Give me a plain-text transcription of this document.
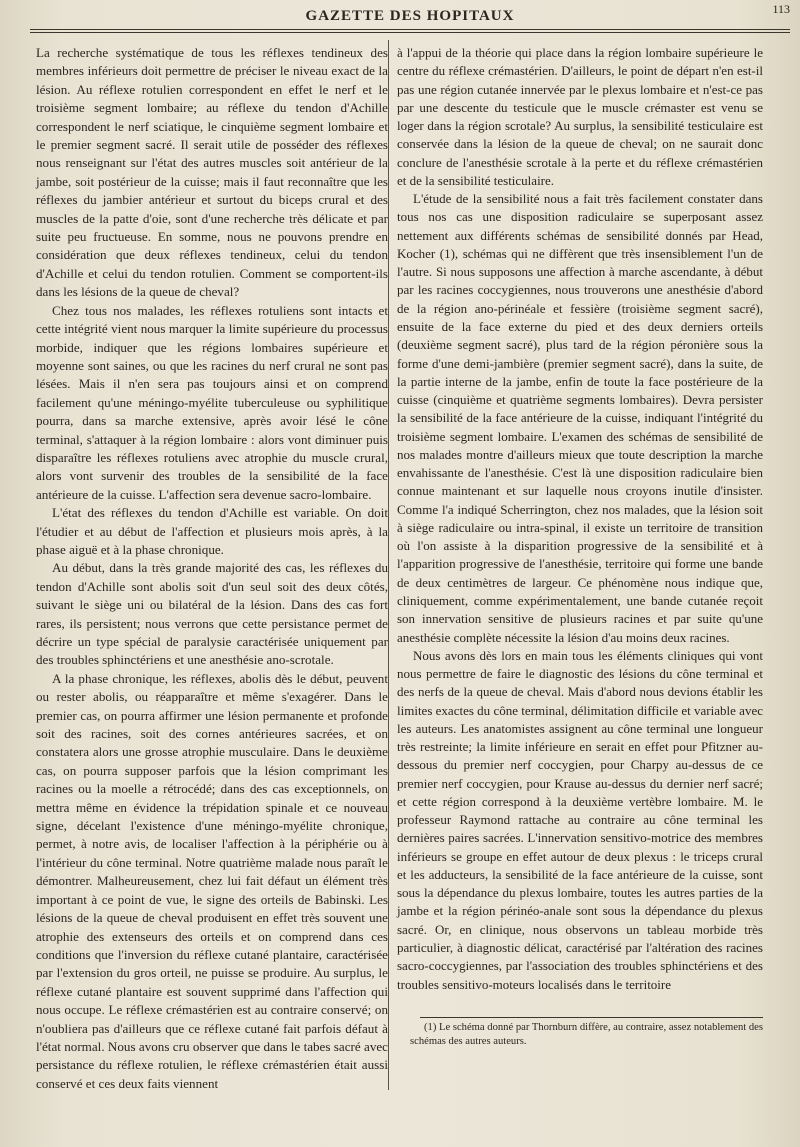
GAZETTE DES HOPITAUX	113

La recherche systématique de tous les réflexes tendineux des membres inférieurs doit permettre de préciser le niveau exact de la lésion. Au réflexe rotulien correspondent en effet le nerf et le troisième segment lombaire; au réflexe du tendon d'Achille correspondent le nerf sciatique, le cinquième segment lombaire et le premier segment sacré. Il serait utile de posséder des réflexes nous renseignant sur l'état des autres muscles soit antérieur de la jambe, soit postérieur de la cuisse; mais il faut reconnaître que les réflexes du jambier antérieur et surtout du biceps crural et des muscles de la patte d'oie, sont d'une recherche très délicate et par suite peu fructueuse. En somme, nous ne pouvons prendre en considération que deux réflexes tendineux, celui du tendon d'Achille et celui du tendon rotulien. Comment se comportent-ils dans les lésions de la queue de cheval?

Chez tous nos malades, les réflexes rotuliens sont intacts et cette intégrité vient nous marquer la limite supérieure du processus morbide, indiquer que les régions lombaires supérieure et moyenne sont saines, ou que les racines du nerf crural ne sont pas lésées. Mais il n'en sera pas toujours ainsi et on comprend facilement qu'une méningo-myélite tuberculeuse ou syphilitique pourra, dans sa marche extensive, après avoir lésé le cône terminal, s'attaquer à la région lombaire : alors vont diminuer puis disparaître les réflexes rotuliens avec atrophie du muscle crural, alors vont survenir des troubles de la sensibilité de la face antérieure de la cuisse. L'affection sera devenue sacro-lombaire.

L'état des réflexes du tendon d'Achille est variable. On doit l'étudier et au début de l'affection et plusieurs mois après, à la phase aiguë et à la phase chronique.

Au début, dans la très grande majorité des cas, les réflexes du tendon d'Achille sont abolis soit d'un seul soit des deux côtés, suivant le siège uni ou bilatéral de la lésion. Dans des cas fort rares, ils persistent; nous verrons que cette persistance permet de décrire un type spécial de paralysie caractérisée uniquement par des troubles sphinctériens et une anesthésie ano-scrotale.

A la phase chronique, les réflexes, abolis dès le début, peuvent ou rester abolis, ou réapparaître et même s'exagérer. Dans le premier cas, on pourra affirmer une lésion permanente et profonde soit des racines, soit des cornes antérieures sacrées, et on constatera alors une grosse atrophie musculaire. Dans le deuxième cas, on pourra supposer parfois que la lésion comprimant les racines ou la moelle a rétrocédé; dans des cas exceptionnels, on mettra même en évidence la trépidation spinale et ce nouveau signe, décelant l'existence d'une méningo-myélite chronique, permet, à notre avis, de localiser l'affection à la périphérie ou à l'intérieur du cône terminal. Notre quatrième malade nous paraît le démontrer. Malheureusement, chez lui fait défaut un élément très important à ce point de vue, le signe des orteils de Babinski. Les lésions de la queue de cheval produisent en effet très souvent une atrophie des extenseurs des orteils et on comprend dans ces conditions que l'inversion du réflexe cutané plantaire, caractérisée par l'extension du gros orteil, ne puisse se produire. Au surplus, le réflexe cutané plantaire est souvent supprimé dans l'affection qui nous occupe. Le réflexe crémastérien est au contraire conservé; on n'oubliera pas d'ailleurs que ce réflexe cutané fait parfois défaut à l'état normal. Nous avons cru observer que dans le tabes sacré avec persistance du réflexe rotulien, le réflexe crémastérien était aussi conservé et ces deux faits viennent

à l'appui de la théorie qui place dans la région lombaire supérieure le centre du réflexe crémastérien. D'ailleurs, le point de départ n'en est-il pas une région cutanée innervée par le plexus lombaire et n'est-ce pas par une descente du testicule que le muscle crémaster est venu se loger dans la région scrotale? Au surplus, la sensibilité testiculaire est conservée dans la lésion de la queue de cheval; on ne saurait donc conclure de l'anesthésie scrotale à la perte et du réflexe crémastérien et de la sensibilité testiculaire.

L'étude de la sensibilité nous a fait très facilement constater dans tous nos cas une disposition radiculaire se superposant assez nettement aux différents schémas de sensibilité donnés par Head, Kocher (1), schémas qui ne diffèrent que très insensiblement l'un de l'autre. Si nous supposons une affection à marche ascendante, à début par les racines coccygiennes, nous trouverons une anesthésie d'abord de la région ano-périnéale et fessière (troisième segment sacré), ensuite de la face externe du pied et des deux derniers orteils (deuxième segment sacré), plus tard de la région péronière sous la forme d'une demi-jambière (premier segment sacré), dans la suite, de la partie interne de la jambe, enfin de toute la face postérieure de la cuisse (cinquième et quatrième segments lombaires). Devra persister la sensibilité de la face antérieure de la cuisse, indiquant l'intégrité du troisième segment lombaire. L'examen des schémas de sensibilité de nos malades montre d'ailleurs mieux que toute description la marche envahissante de l'anesthésie. C'est là une disposition radiculaire bien connue maintenant et sur laquelle nous croyons inutile d'insister. Comme l'a indiqué Scherrington, chez nos malades, que la lésion soit à siège radiculaire ou intra-spinal, il existe un territoire de transition où l'on assiste à la disparition progressive de la sensibilité et à l'apparition progressive de l'anesthésie, territoire qui forme une bande de deux centimètres de largeur. Ce phénomène nous indique que, cliniquement, comme expérimentalement, une bande cutanée reçoit son innervation sensitive de plusieurs racines et par suite qu'une anesthésie complète nécessite la lésion d'au moins deux racines.

Nous avons dès lors en main tous les éléments cliniques qui vont nous permettre de faire le diagnostic des lésions du cône terminal et des nerfs de la queue de cheval. Mais d'abord nous devions établir les limites exactes du cône terminal, délimitation difficile et variable avec les auteurs. Les anatomistes assignent au cône terminal une longueur très restreinte; la limite inférieure en serait en effet pour Pfitzner au-dessous du premier nerf coccygien, pour Charpy au-dessus de ce premier nerf coccygien, pour Krause au-dessus du dernier nerf sacré; et cette région correspond à la deuxième vertèbre lombaire. M. le professeur Raymond rattache au contraire au cône terminal les dernières paires sacrées. L'innervation sensitivo-motrice des membres inférieurs se groupe en effet autour de deux plexus : le triceps crural et les adducteurs, la sensibilité de la face antérieure de la cuisse, sont sous la dépendance du plexus lombaire, toutes les autres parties de la jambe et la région périnéo-anale sont sous la dépendance du plexus sacré. Or, en clinique, nous observons un tableau morbide très particulier, à diagnostic délicat, caractérisé par l'altération des racines sacro-coccygiennes, par l'association des troubles sphinctériens et des troubles sensitivo-moteurs localisés dans le territoire

(1) Le schéma donné par Thornburn diffère, au contraire, assez notablement des schémas des autres auteurs.
